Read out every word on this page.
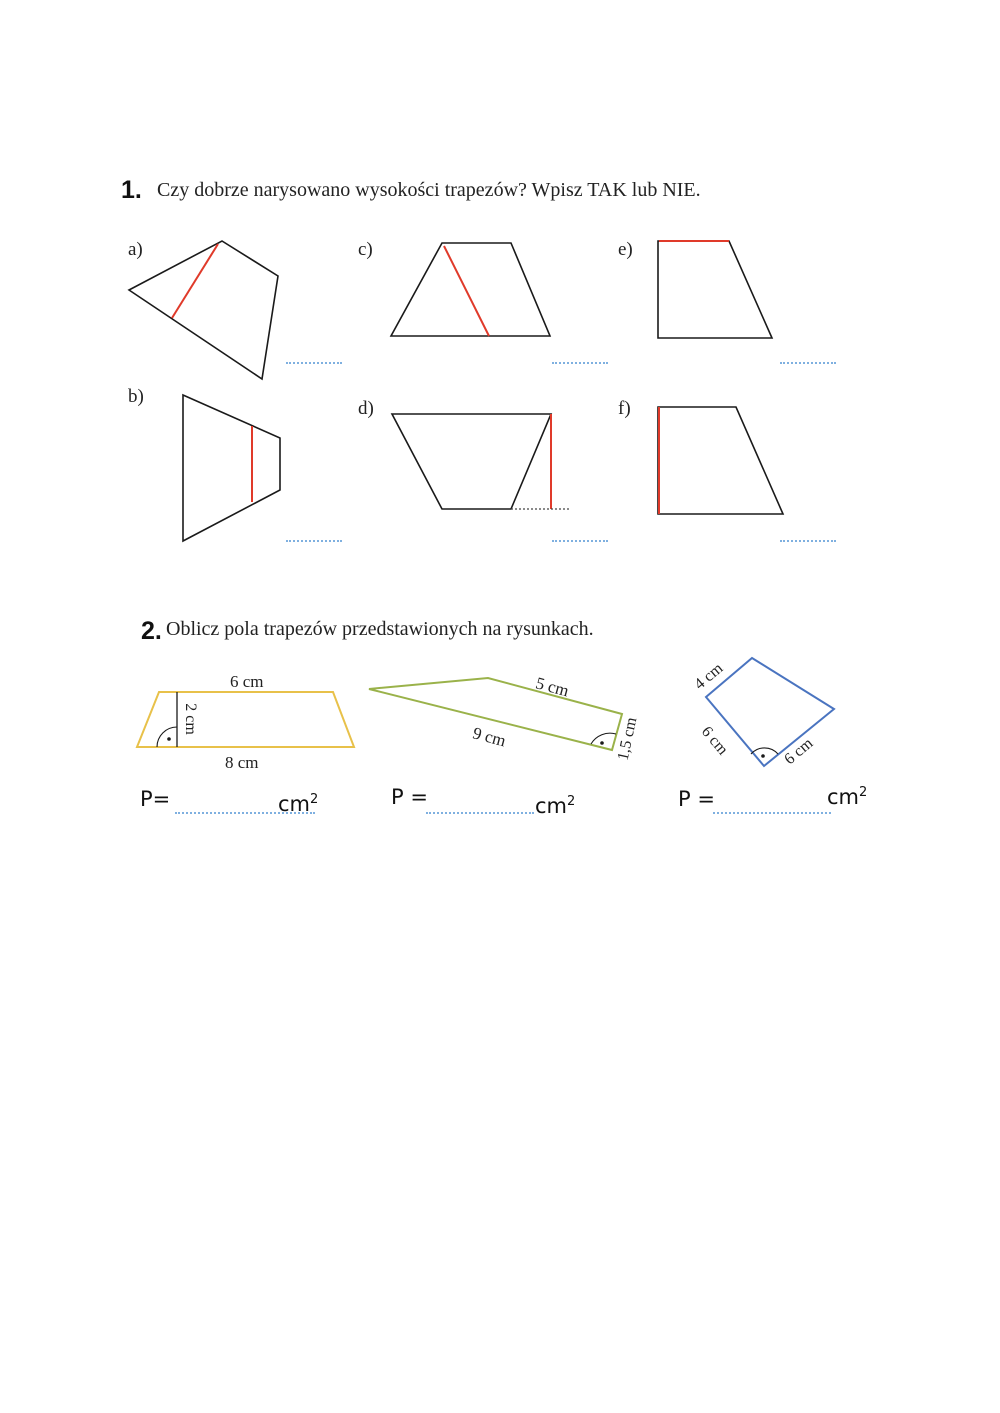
1. Czy dobrze narysowano wysokości trapezów? Wpisz TAK lub NIE.
a)
b)
c)
d)
e)
f)
2. Oblicz pola trapezów przedstawionych na rysunkach.
6 cm
8 cm
2 cm
5 cm
9 cm	1,5 cm
4 cm
6 cm	6 cm
P=	$cm^2$	P =	$cm^2$	P =	$cm^2$
